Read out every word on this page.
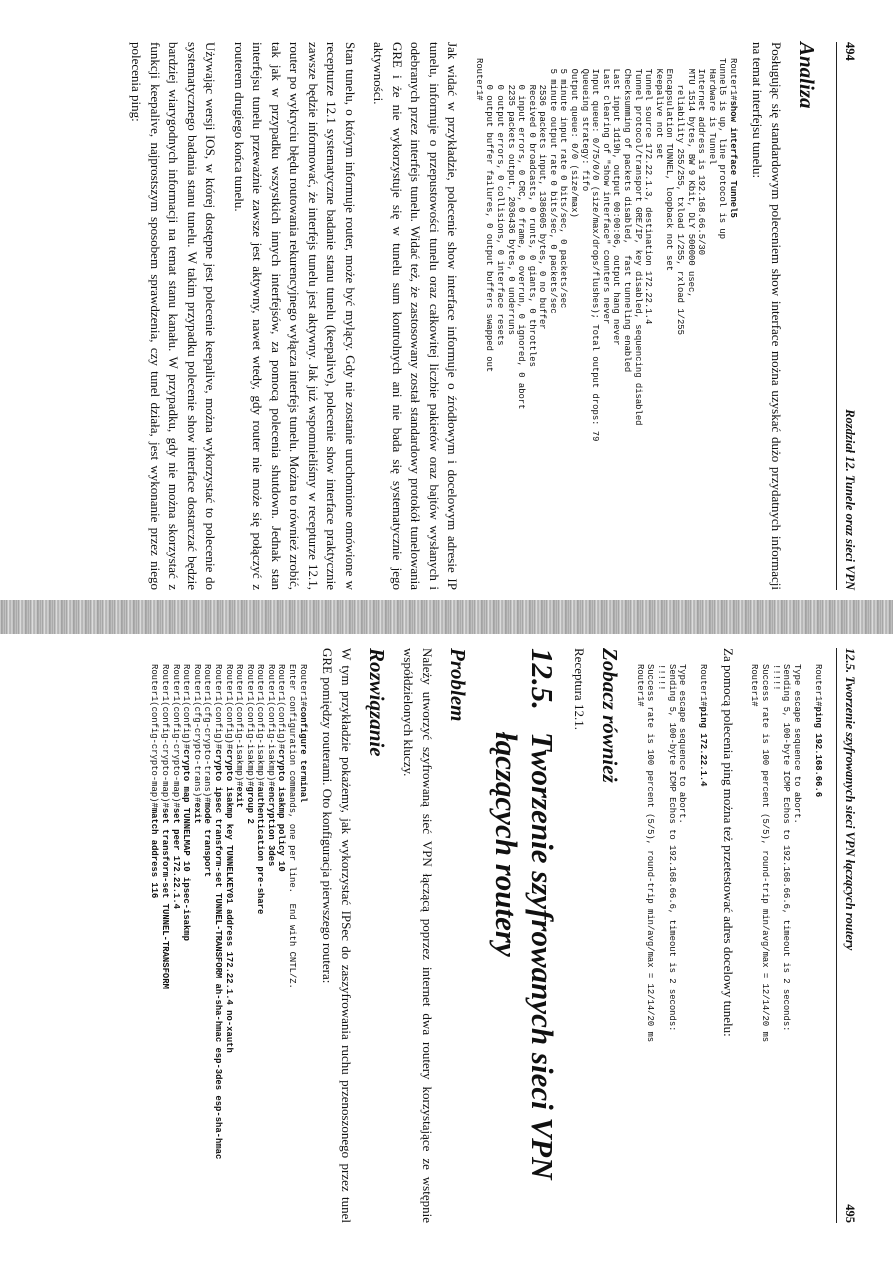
494
Rozdział 12. Tunele oraz sieci VPN
Analiza

Posługując się standardowym poleceniem show interface można uzyskać dużo przydatnych informacji na temat interfejsu tunelu:

Router1#show interface Tunnel5
Tunnel5 is up, line protocol is up
Hardware is Tunnel
Internet address is 192.168.66.5/30
MTU 1514 bytes, BW 9 Kbit, DLY 500000 usec,
reliability 255/255, txload 1/255, rxload 1/255
Encapsulation TUNNEL, loopback not set
Keepalive not set
Tunnel source 172.22.1.3, destination 172.22.1.4
Tunnel protocol/transport GRE/IP, key disabled, sequencing disabled
Checksumming of packets disabled,  fast tunneling enabled
Last input 1d19h, output 00:00:06, output hang never
Last clearing of "show interface" counters never
Input queue: 0/75/0/0 (size/max/drops/flushes); Total output drops: 79
Queueing strategy: fifo
Output queue: 0/0 (size/max)
5 minute input rate 0 bits/sec, 0 packets/sec
5 minute output rate 0 bits/sec, 0 packets/sec
2536 packets input, 1386605 bytes, 0 no buffer
Received 0 broadcasts, 0 runts, 0 giants, 0 throttles
0 input errors, 0 CRC, 0 frame, 0 overrun, 0 ignored, 0 abort
2235 packets output, 2036436 bytes, 0 underruns
0 output errors, 0 collisions, 0 interface resets
0 output buffer failures, 0 output buffers swapped out
Router1#

Jak widać w przykładzie, polecenie show interface informuje o źródłowym i docelowym adresie IP tunelu, informuje o przepustowości tunelu oraz całkowitej liczbie pakietów oraz bajtów wysłanych i odebranych przez interfejs tunelu. Widać też, że zastosowany został standardowy protokół tunelowania GRE i że nie wykorzystuje się w tunelu sum kontrolnych ani nie bada się systematycznie jego aktywności.

Stan tunelu, o którym informuje router, może być mylący. Gdy nie zostanie uruchomione omówione w recepturze 12.1 systematyczne badanie stanu tunelu (keepalive), polecenie show interface praktycznie zawsze będzie informować, że interfejs tunelu jest aktywny. Jak już wspomnieliśmy w recepturze 12.1, router po wykryciu błędu routowania rekurencyjnego wyłącza interfejs tunelu. Można to również zrobić, tak jak w przypadku wszystkich innych interfejsów, za pomocą polecenia shutdown. Jednak stan interfejsu tunelu przeważnie zawsze jest aktywny, nawet wtedy, gdy router nie może się połączyć z routerem drugiego końca tunelu.

Używając wersji IOS, w której dostępne jest polecenie keepalive, można wykorzystać to polecenie do systematycznego badania stanu tunelu. W takim przypadku polecenie show interface dostarczać będzie bardziej wiarygodnych informacji na temat stanu kanału. W przypadku, gdy nie można skorzystać z funkcji keepalive, najprostszym sposobem sprawdzenia, czy tunel działa, jest wykonanie przez niego polecenia ping:

12.5. Tworzenie szyfrowanych sieci VPN łączących routery
495
Router1#ping 192.168.66.6

Type escape sequence to abort.
Sending 5, 100-byte ICMP Echos to 192.168.66.6, timeout is 2 seconds:
!!!!!
Success rate is 100 percent (5/5), round-trip min/avg/max = 12/14/20 ms
Router1#

Za pomocą polecenia ping można też przetestować adres docelowy tunelu:

Router1#ping 172.22.1.4

Type escape sequence to abort.
Sending 5, 100-byte ICMP Echos to 192.168.66.6, timeout is 2 seconds:
!!!!!
Success rate is 100 percent (5/5), round-trip min/avg/max = 12/14/20 ms
Router1#
Zobacz również

Receptura 12.1.

12.5.
Tworzenie szyfrowanych sieci VPN łączących routery
Problem

Należy utworzyć szyfrowaną sieć VPN łączącą poprzez internet dwa routery korzystające ze wstępnie współdzielonych kluczy.

Rozwiązanie

W tym przykładzie pokażemy, jak wykorzystać IPSec do zaszyfrowania ruchu przenoszonego przez tunel GRE pomiędzy routerami. Oto konfiguracja pierwszego routera:

Router1#configure terminal
Enter configuration commands, one per line.  End with CNTL/Z.
Router1(config)#crypto isakmp policy 10
Router1(config-isakmp)#encryption 3des
Router1(config-isakmp)#authentication pre-share
Router1(config-isakmp)#group 2
Router1(config-isakmp)#exit
Router1(config)#crypto isakmp key TUNNELKEY01 address 172.22.1.4 no-xauth
Router1(config)#crypto ipsec transform-set TUNNEL-TRANSFORM ah-sha-hmac esp-3des esp-sha-hmac
Router1(cfg-crypto-trans)#mode transport
Router1(cfg-crypto-trans)#exit
Router1(config)#crypto map TUNNELMAP 10 ipsec-isakmp
Router1(config-crypto-map)#set peer 172.22.1.4
Router1(config-crypto-map)#set transform-set TUNNEL-TRANSFORM
Router1(config-crypto-map)#match address 116
